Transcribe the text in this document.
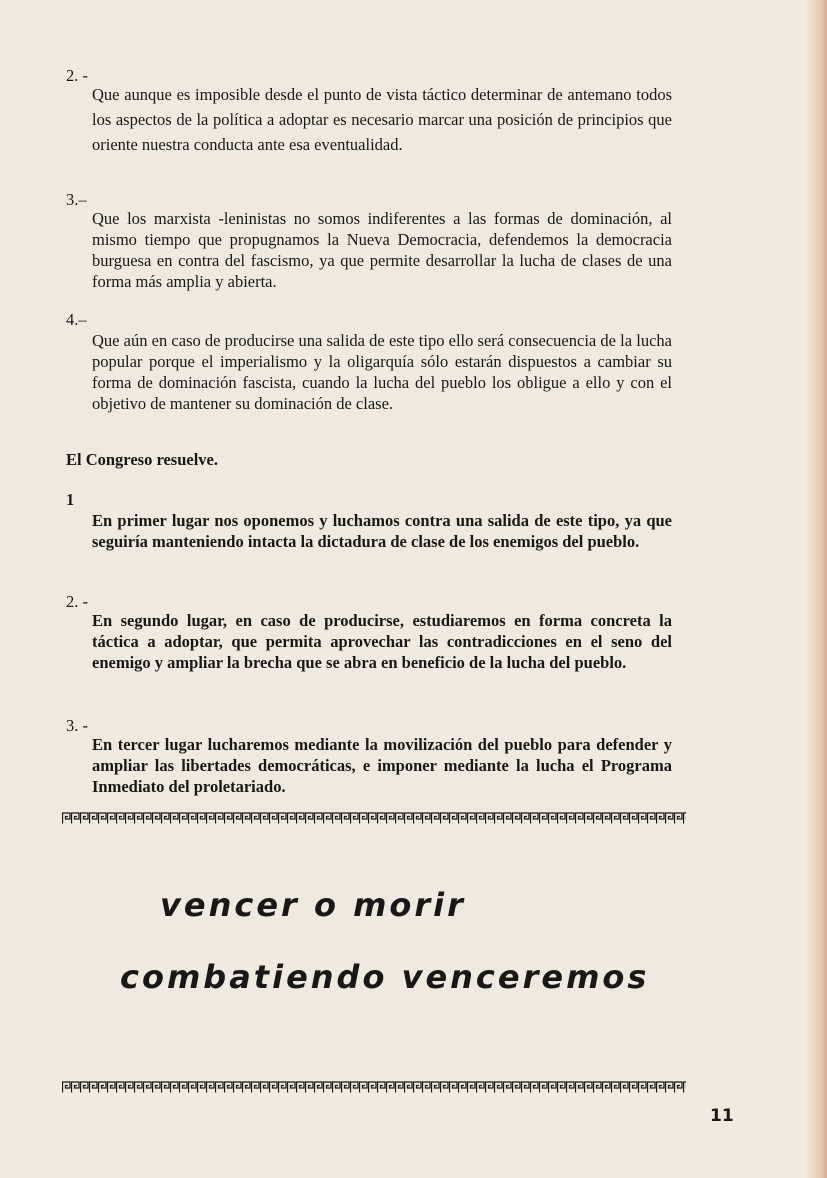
2. -

Que aunque es imposible desde el punto de vista táctico determinar de antemano todos los aspectos de la política a adoptar es necesario marcar una posición de principios que oriente nuestra conducta ante esa eventualidad.

3.–

Que los marxista -leninistas no somos indiferentes a las formas de dominación, al mismo tiempo que propugnamos la Nueva Democracia, defendemos la democracia burguesa en contra del fascismo, ya que permite desarrollar la lucha de clases de una forma más amplia y abierta.

4.–

Que aún en caso de producirse una salida de este tipo ello será consecuencia de la lucha popular porque el imperialismo y la oligarquía sólo estarán dispuestos a cambiar su forma de dominación fascista, cuando la lucha del pueblo los obligue a ello y con el objetivo de mantener su dominación de clase.

El Congreso resuelve.
1

En primer lugar nos oponemos y luchamos contra una salida de este tipo, ya que seguiría manteniendo intacta la dictadura de clase de los enemigos del pueblo.

2. -

En segundo lugar, en caso de producirse, estudiaremos en forma concreta la táctica a adoptar, que permita aprovechar las contradicciones en el seno del enemigo y ampliar la brecha que se abra en beneficio de la lucha del pueblo.

3. -

En tercer lugar lucharemos mediante la movilización del pueblo para defender y ampliar las libertades democráticas, e imponer mediante la lucha el Programa Inmediato del proletariado.

vencer o morir
combatiendo venceremos
11
